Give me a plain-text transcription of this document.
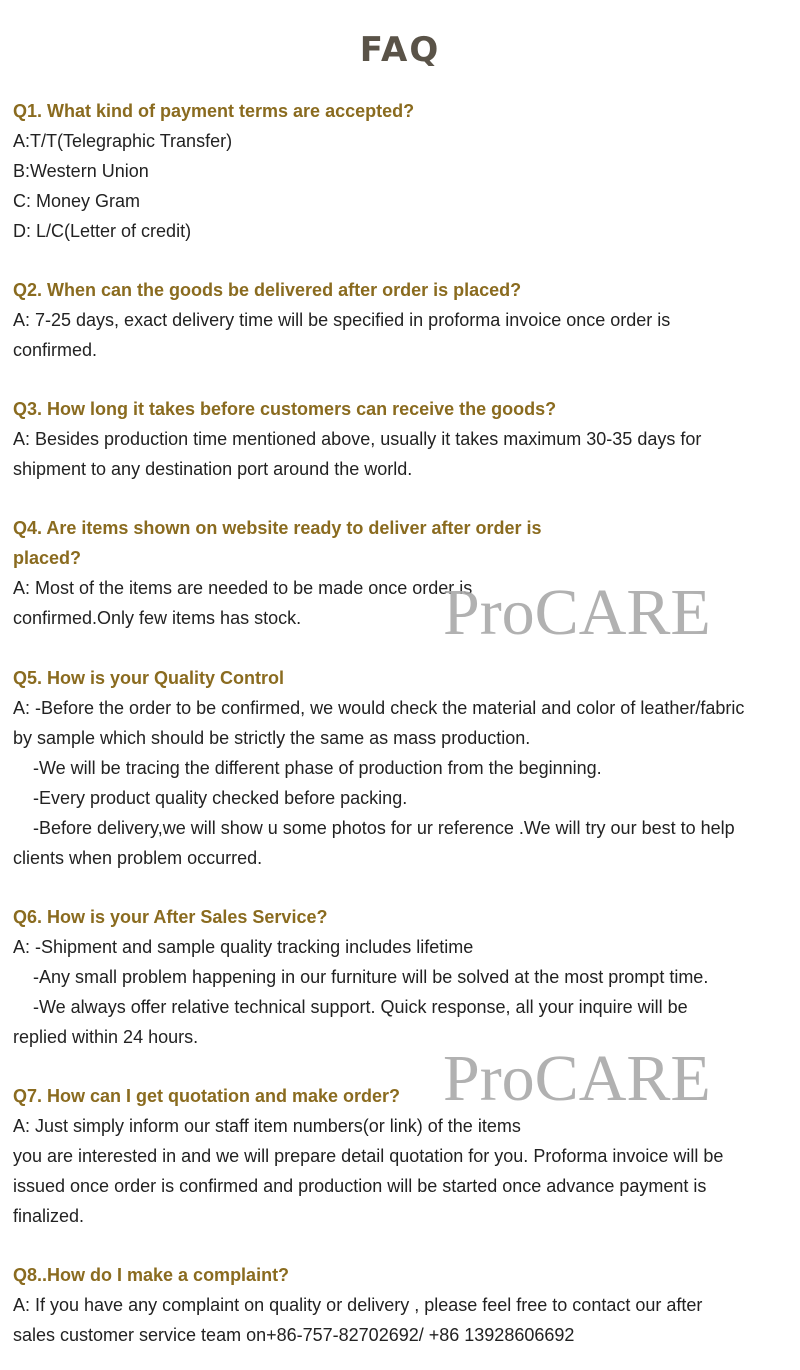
FAQ
Q1. What kind of payment terms are accepted?
A:T/T(Telegraphic Transfer)
B:Western Union
C: Money Gram
D: L/C(Letter of credit)
Q2. When can the goods be delivered after order is placed?
A: 7-25 days, exact delivery time will be specified in proforma invoice once order is
confirmed.
Q3. How long it takes before customers can receive the goods?
A: Besides production time mentioned above, usually it takes maximum 30-35 days for
shipment to any destination port around the world.
Q4. Are items shown on website ready to deliver after order is
placed?
A: Most of the items are needed to be made once order is
confirmed.Only few items has stock. ProCARE
Q5. How is your Quality Control
A: -Before the order to be confirmed, we would check the material and color of leather/fabric
by sample which should be strictly the same as mass production.
-We will be tracing the different phase of production from the beginning.
-Every product quality checked before packing.
-Before delivery,we will show u some photos for ur reference .We will try our best to help
clients when problem occurred.
Q6. How is your After Sales Service?
A: -Shipment and sample quality tracking includes lifetime
-Any small problem happening in our furniture will be solved at the most prompt time.
-We always offer relative technical support. Quick response, all your inquire will be
replied within 24 hours.
ProCARE
Q7. How can I get quotation and make order?
A: Just simply inform our staff item numbers(or link) of the items
you are interested in and we will prepare detail quotation for you. Proforma invoice will be
issued once order is confirmed and production will be started once advance payment is
finalized.
Q8..How do I make a complaint?
A: If you have any complaint on quality or delivery , please feel free to contact our after
sales customer service team on+86-757-82702692/ +86 13928606692
